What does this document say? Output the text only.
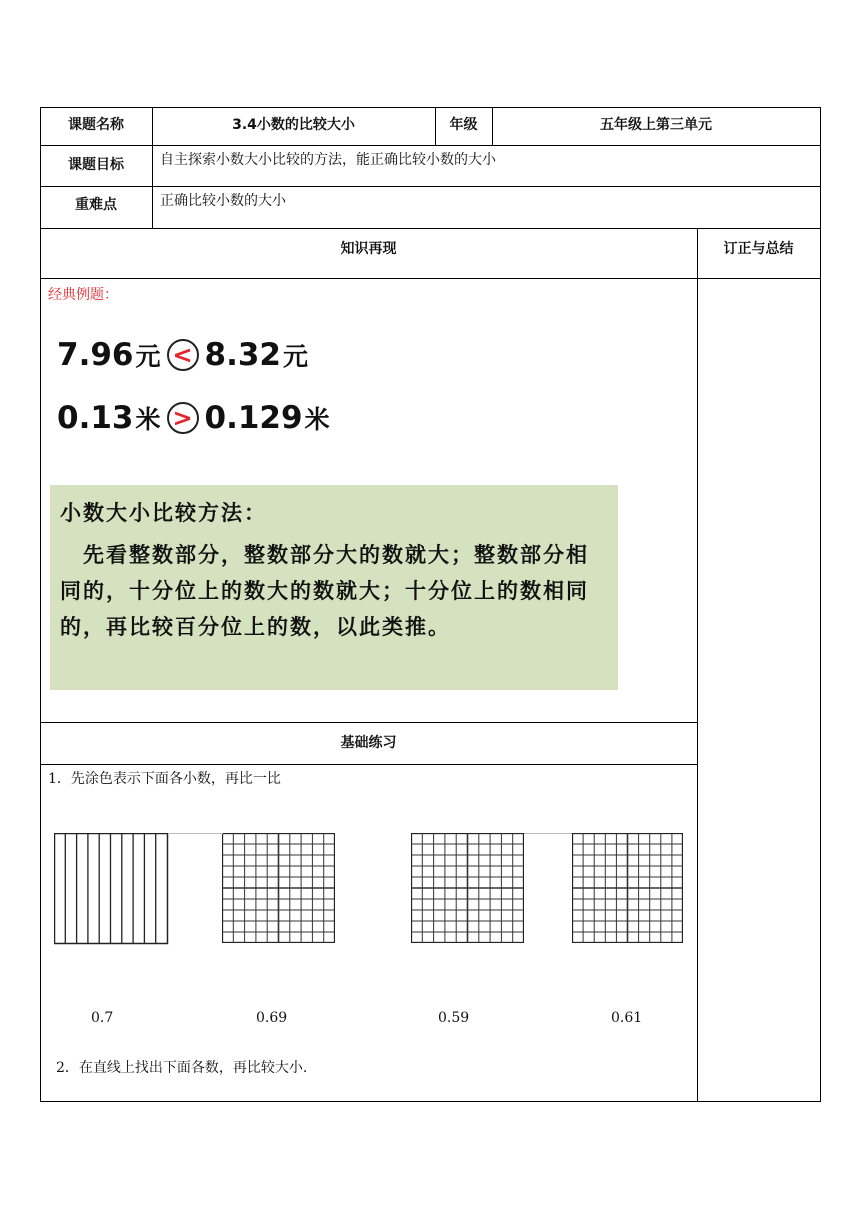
课题名称	3.4小数的比较大小	年级	五年级上第三单元
课题目标	自主探索小数大小比较的方法，能正确比较小数的大小
重难点	正确比较小数的大小
知识再现	订正与总结
经典例题：
7.96 元 < 8.32 元
0.13 米 > 0.129 米
小数大小比较方法：
　先看整数部分，整数部分大的数就大；整数部分相同的，十分位上的数大的数就大；十分位上的数相同的，再比较百分位上的数，以此类推。
基础练习
1．先涂色表示下面各小数，再比一比
0.7	0.69	0.59	0.61
2．在直线上找出下面各数，再比较大小.
